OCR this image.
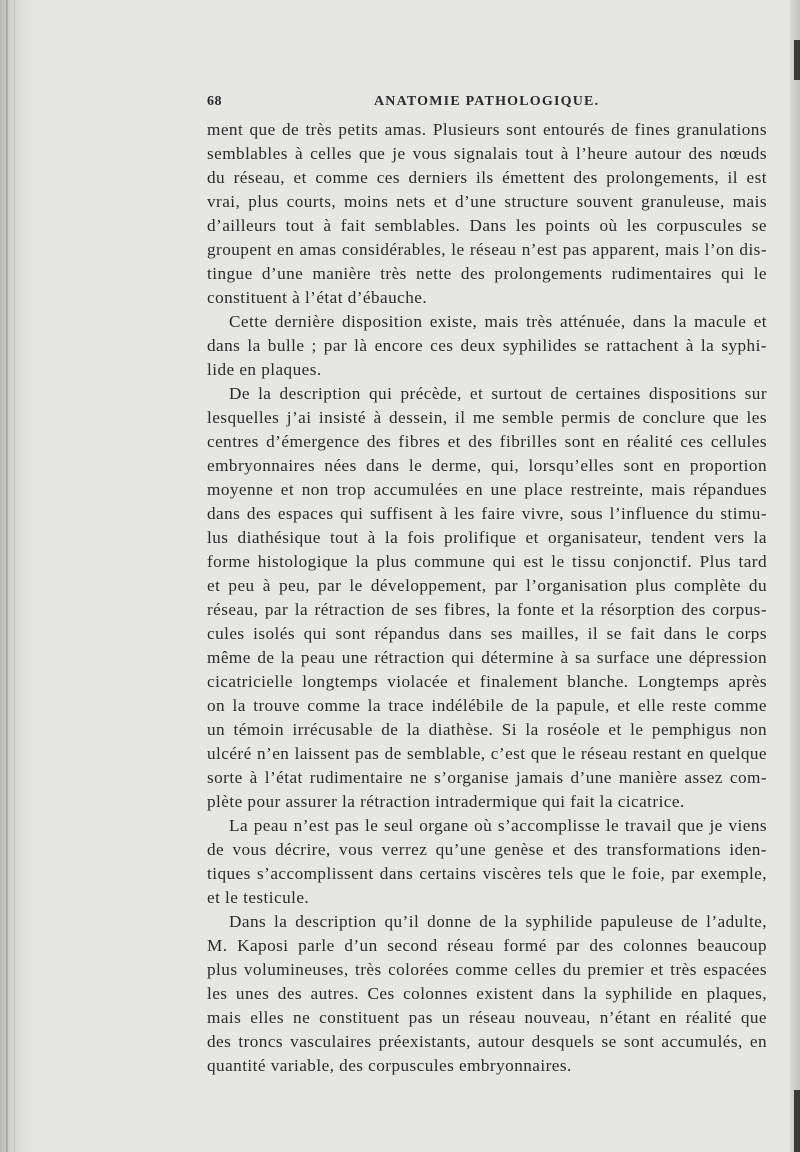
68	ANATOMIE PATHOLOGIQUE.
ment que de très petits amas. Plusieurs sont entourés de fines granulations
semblables à celles que je vous signalais tout à l’heure autour des nœuds
du réseau, et comme ces derniers ils émettent des prolongements, il est
vrai, plus courts, moins nets et d’une structure souvent granuleuse, mais
d’ailleurs tout à fait semblables. Dans les points où les corpuscules se
groupent en amas considérables, le réseau n’est pas apparent, mais l’on dis-
tingue d’une manière très nette des prolongements rudimentaires qui le
constituent à l’état d’ébauche.
Cette dernière disposition existe, mais très atténuée, dans la macule et
dans la bulle ; par là encore ces deux syphilides se rattachent à la syphi-
lide en plaques.
De la description qui précède, et surtout de certaines dispositions sur
lesquelles j’ai insisté à dessein, il me semble permis de conclure que les
centres d’émergence des fibres et des fibrilles sont en réalité ces cellules
embryonnaires nées dans le derme, qui, lorsqu’elles sont en proportion
moyenne et non trop accumulées en une place restreinte, mais répandues
dans des espaces qui suffisent à les faire vivre, sous l’influence du stimu-
lus diathésique tout à la fois prolifique et organisateur, tendent vers la
forme histologique la plus commune qui est le tissu conjonctif. Plus tard
et peu à peu, par le développement, par l’organisation plus complète du
réseau, par la rétraction de ses fibres, la fonte et la résorption des corpus-
cules isolés qui sont répandus dans ses mailles, il se fait dans le corps
même de la peau une rétraction qui détermine à sa surface une dépression
cicatricielle longtemps violacée et finalement blanche. Longtemps après
on la trouve comme la trace indélébile de la papule, et elle reste comme
un témoin irrécusable de la diathèse. Si la roséole et le pemphigus non
ulcéré n’en laissent pas de semblable, c’est que le réseau restant en quelque
sorte à l’état rudimentaire ne s’organise jamais d’une manière assez com-
plète pour assurer la rétraction intradermique qui fait la cicatrice.
La peau n’est pas le seul organe où s’accomplisse le travail que je viens
de vous décrire, vous verrez qu’une genèse et des transformations iden-
tiques s’accomplissent dans certains viscères tels que le foie, par exemple,
et le testicule.
Dans la description qu’il donne de la syphilide papuleuse de l’adulte,
M. Kaposi parle d’un second réseau formé par des colonnes beaucoup
plus volumineuses, très colorées comme celles du premier et très espacées
les unes des autres. Ces colonnes existent dans la syphilide en plaques,
mais elles ne constituent pas un réseau nouveau, n’étant en réalité que
des troncs vasculaires préexistants, autour desquels se sont accumulés, en
quantité variable, des corpuscules embryonnaires.
